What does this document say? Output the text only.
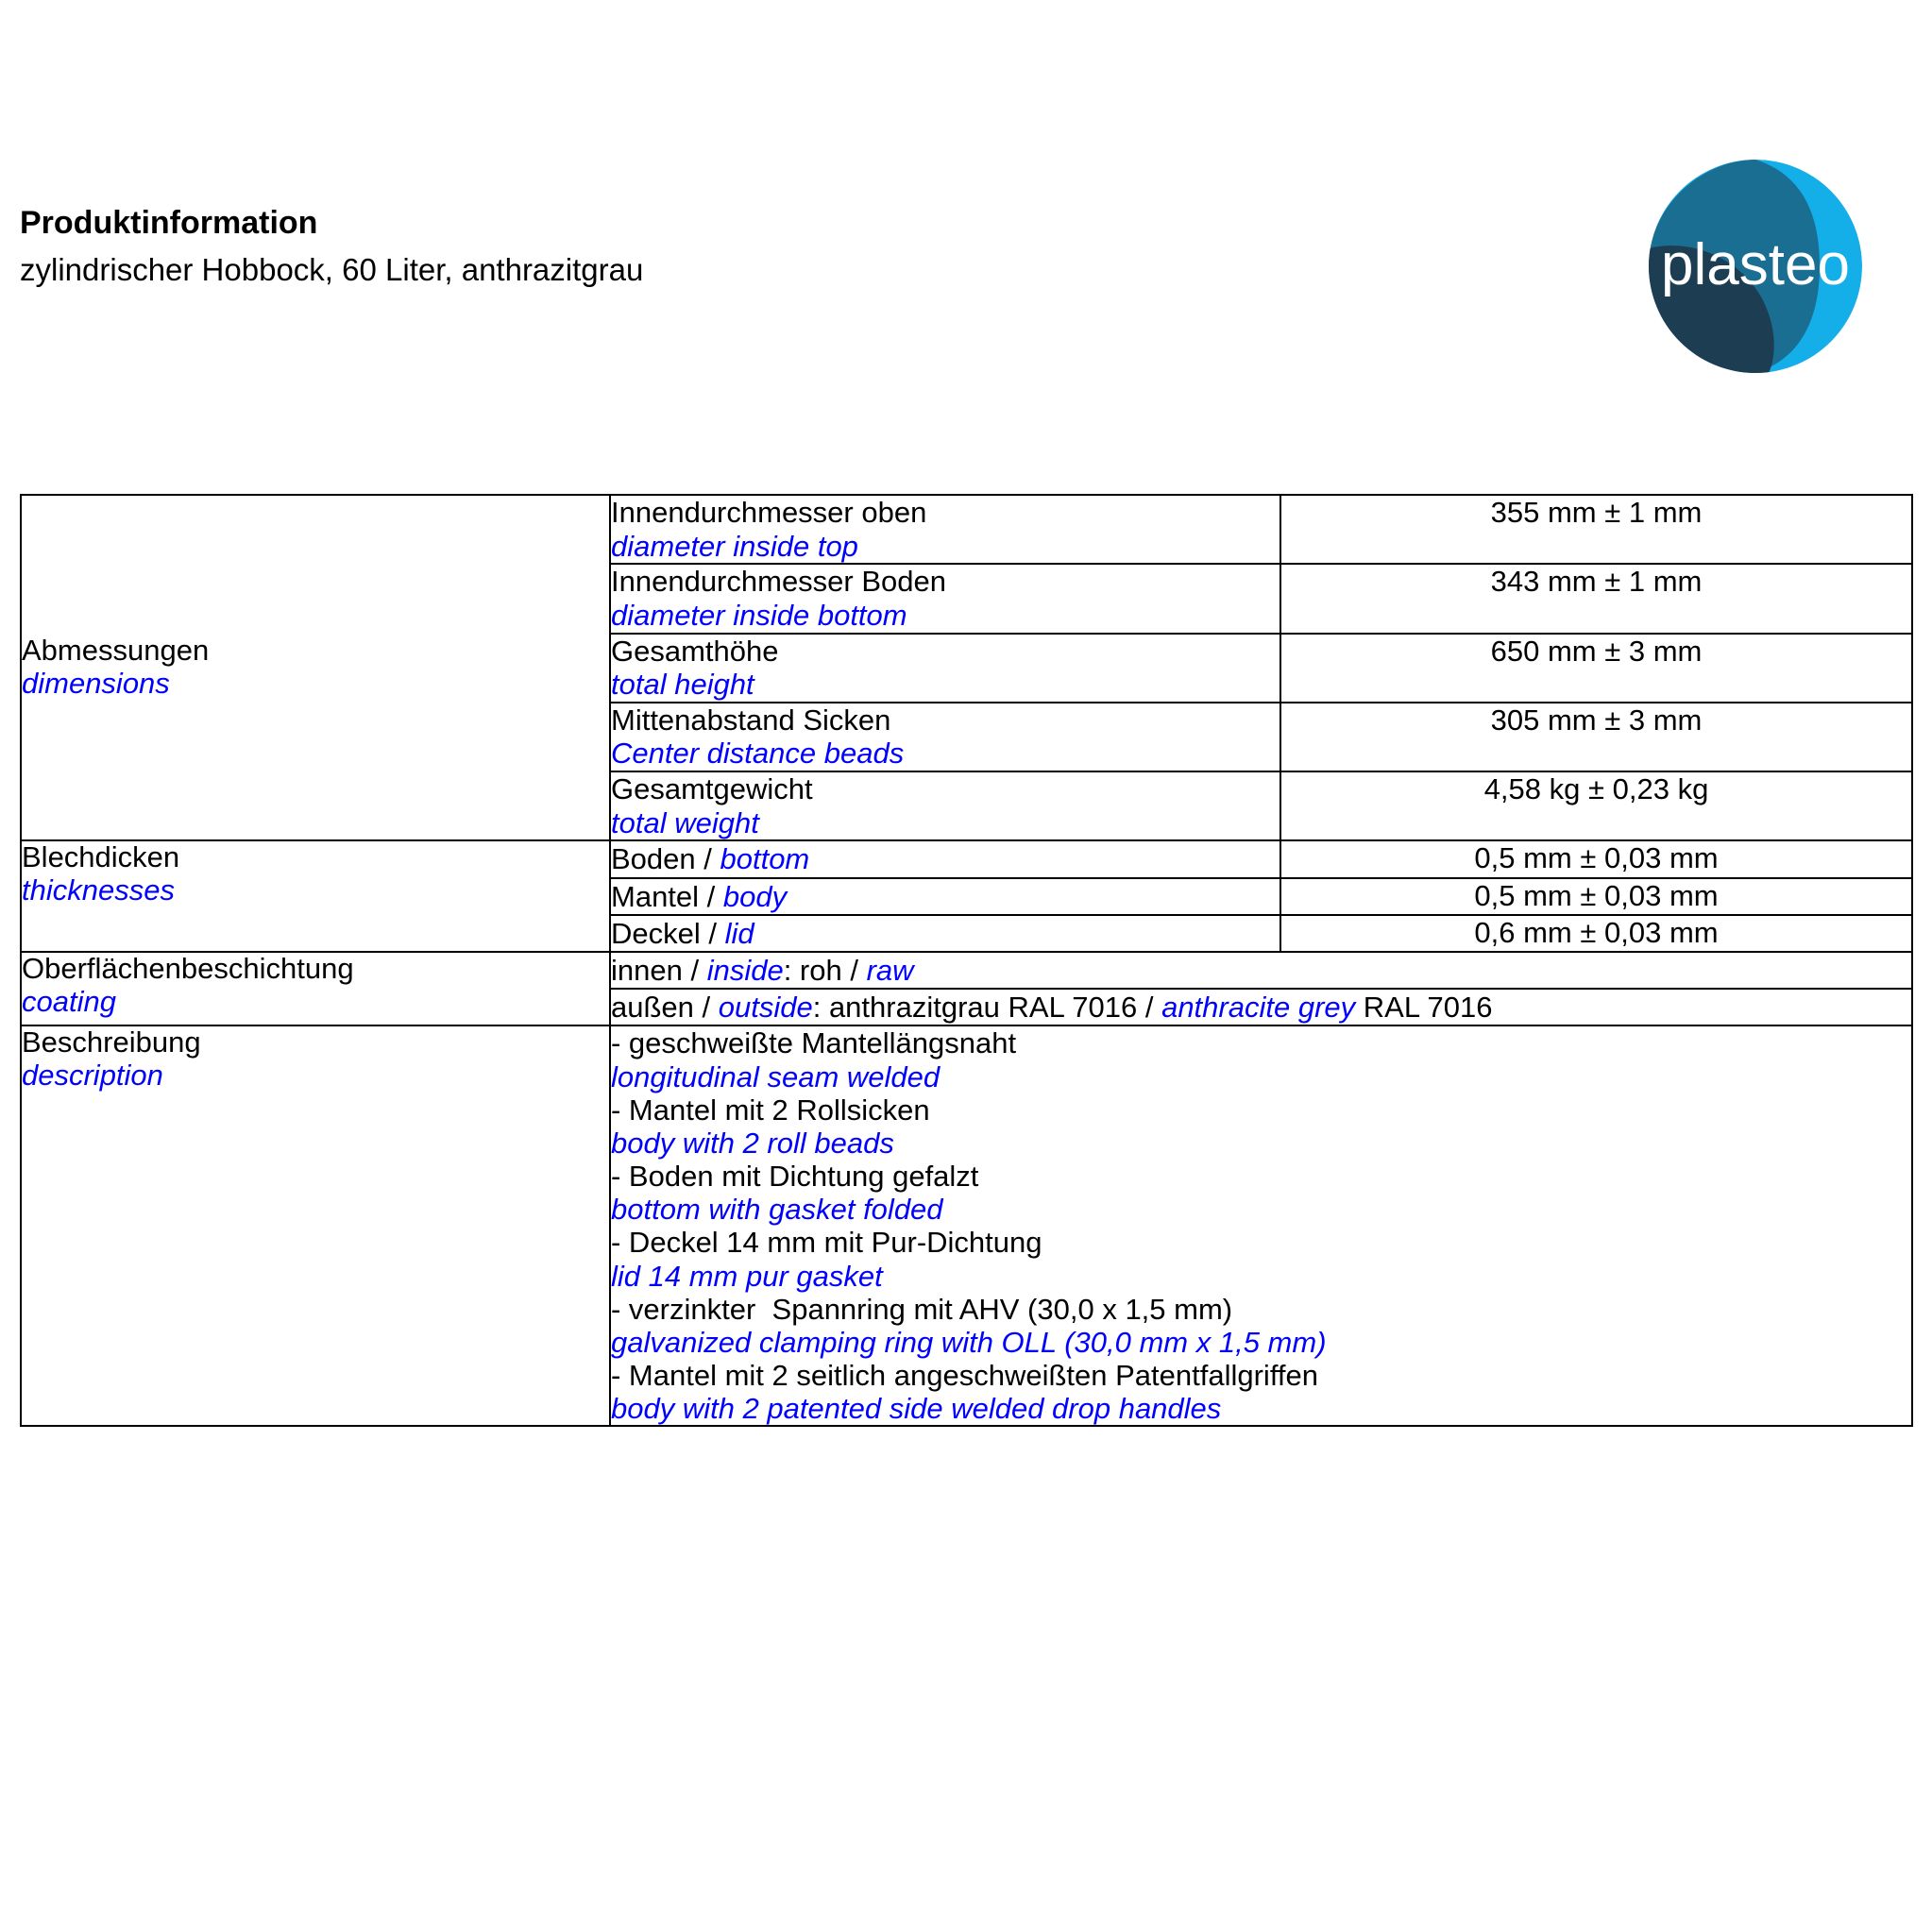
Produktinformation
zylindrischer Hobbock, 60 Liter, anthrazitgrau	plasteo
Abmessungen
dimensions

Innendurchmesser oben
diameter inside top
	355 mm ± 1 mm

	Innendurchmesser Boden
diameter inside bottom	343 mm ± 1 mm

	Gesamthöhe
total height	650 mm ± 3 mm

	Mittenabstand Sicken
Center distance beads	305 mm ± 3 mm

	Gesamtgewicht
total weight	4,58 kg ± 0,23 kg

Blechdicken
thicknesses	Boden / bottom	0,5 mm ± 0,03 mm
	Mantel / body	0,5 mm ± 0,03 mm
	Deckel / lid	0,6 mm ± 0,03 mm

Oberflächenbeschichtung
coating	innen / inside: roh / raw	
	außen / outside: anthrazitgrau RAL 7016 / anthracite grey RAL 7016	

Beschreibung
description

- geschweißte Mantellängsnaht
longitudinal seam welded
- Mantel mit 2 Rollsicken
body with 2 roll beads
- Boden mit Dichtung gefalzt
bottom with gasket folded
- Deckel 14 mm mit Pur-Dichtung
lid 14 mm pur gasket
- verzinkter  Spannring mit AHV (30,0 x 1,5 mm)
galvanized clamping ring with OLL (30,0 mm x 1,5 mm)
- Mantel mit 2 seitlich angeschweißten Patentfallgriffen
body with 2 patented side welded drop handles
